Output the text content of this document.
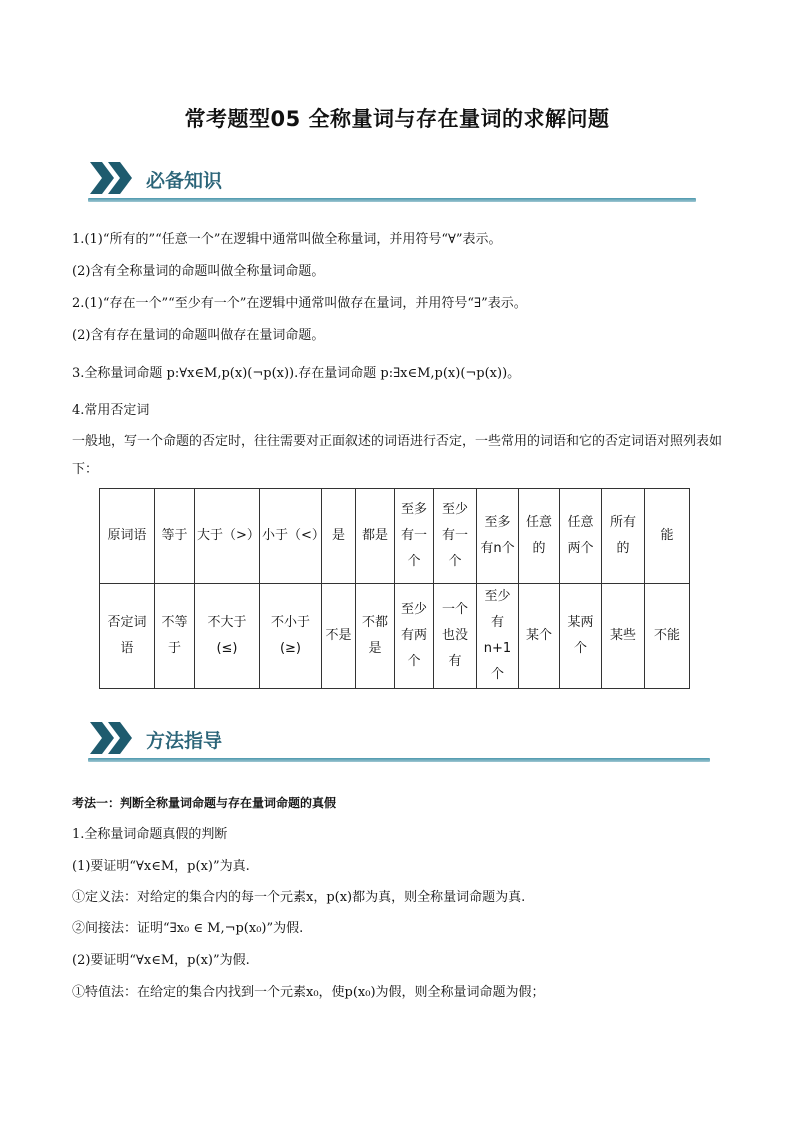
常考题型05 全称量词与存在量词的求解问题
必备知识
1.(1)“所有的”“任意一个”在逻辑中通常叫做全称量词，并用符号“∀”表示。
(2)含有全称量词的命题叫做全称量词命题。
2.(1)“存在一个”“至少有一个”在逻辑中通常叫做存在量词，并用符号“∃”表示。
(2)含有存在量词的命题叫做存在量词命题。
3.全称量词命题 p:∀x∈M,p(x)(¬p(x)).存在量词命题 p:∃x∈M,p(x)(¬p(x))。
4.常用否定词
一般地，写一个命题的否定时，往往需要对正面叙述的词语进行否定，一些常用的词语和它的否定词语对照列表如下：
原词语	等于	大于（>）	小于（<）	是	都是	至多有一个	至少有一个	至多有n个	任意的	任意两个	所有的	能
否定词语	不等于	不大于(≤)	不小于(≥)	不是	不都是	至少有两个	一个也没有	至少有n+1个	某个	某两个	某些	不能
方法指导
考法一：判断全称量词命题与存在量词命题的真假
1.全称量词命题真假的判断
(1)要证明“∀x∈M，p(x)”为真.
①定义法：对给定的集合内的每一个元素x，p(x)都为真，则全称量词命题为真.
②间接法：证明“∃x₀ ∈ M,¬p(x₀)”为假.
(2)要证明“∀x∈M，p(x)”为假.
①特值法：在给定的集合内找到一个元素x₀，使p(x₀)为假，则全称量词命题为假；
